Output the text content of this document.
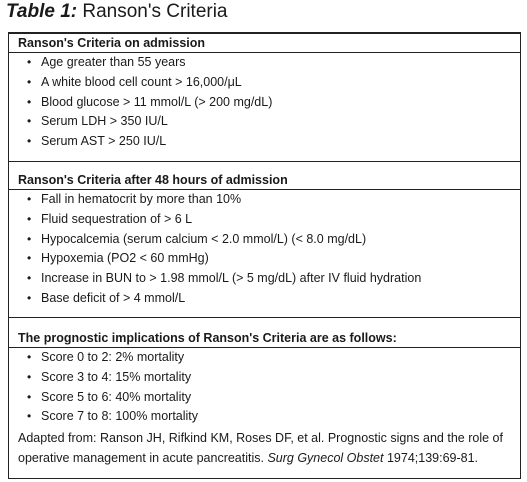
Table 1: Ranson's Criteria
Ranson's Criteria on admission
• Age greater than 55 years
• A white blood cell count > 16,000/μL
• Blood glucose > 11 mmol/L (> 200 mg/dL)
• Serum LDH > 350 IU/L
• Serum AST > 250 IU/L
Ranson's Criteria after 48 hours of admission
• Fall in hematocrit by more than 10%
• Fluid sequestration of > 6 L
• Hypocalcemia (serum calcium < 2.0 mmol/L) (< 8.0 mg/dL)
• Hypoxemia (PO2 < 60 mmHg)
• Increase in BUN to > 1.98 mmol/L (> 5 mg/dL) after IV fluid hydration
• Base deficit of > 4 mmol/L
The prognostic implications of Ranson's Criteria are as follows:
• Score 0 to 2: 2% mortality
• Score 3 to 4: 15% mortality
• Score 5 to 6: 40% mortality
• Score 7 to 8: 100% mortality
Adapted from: Ranson JH, Rifkind KM, Roses DF, et al. Prognostic signs and the role of operative management in acute pancreatitis. Surg Gynecol Obstet 1974;139:69-81.
